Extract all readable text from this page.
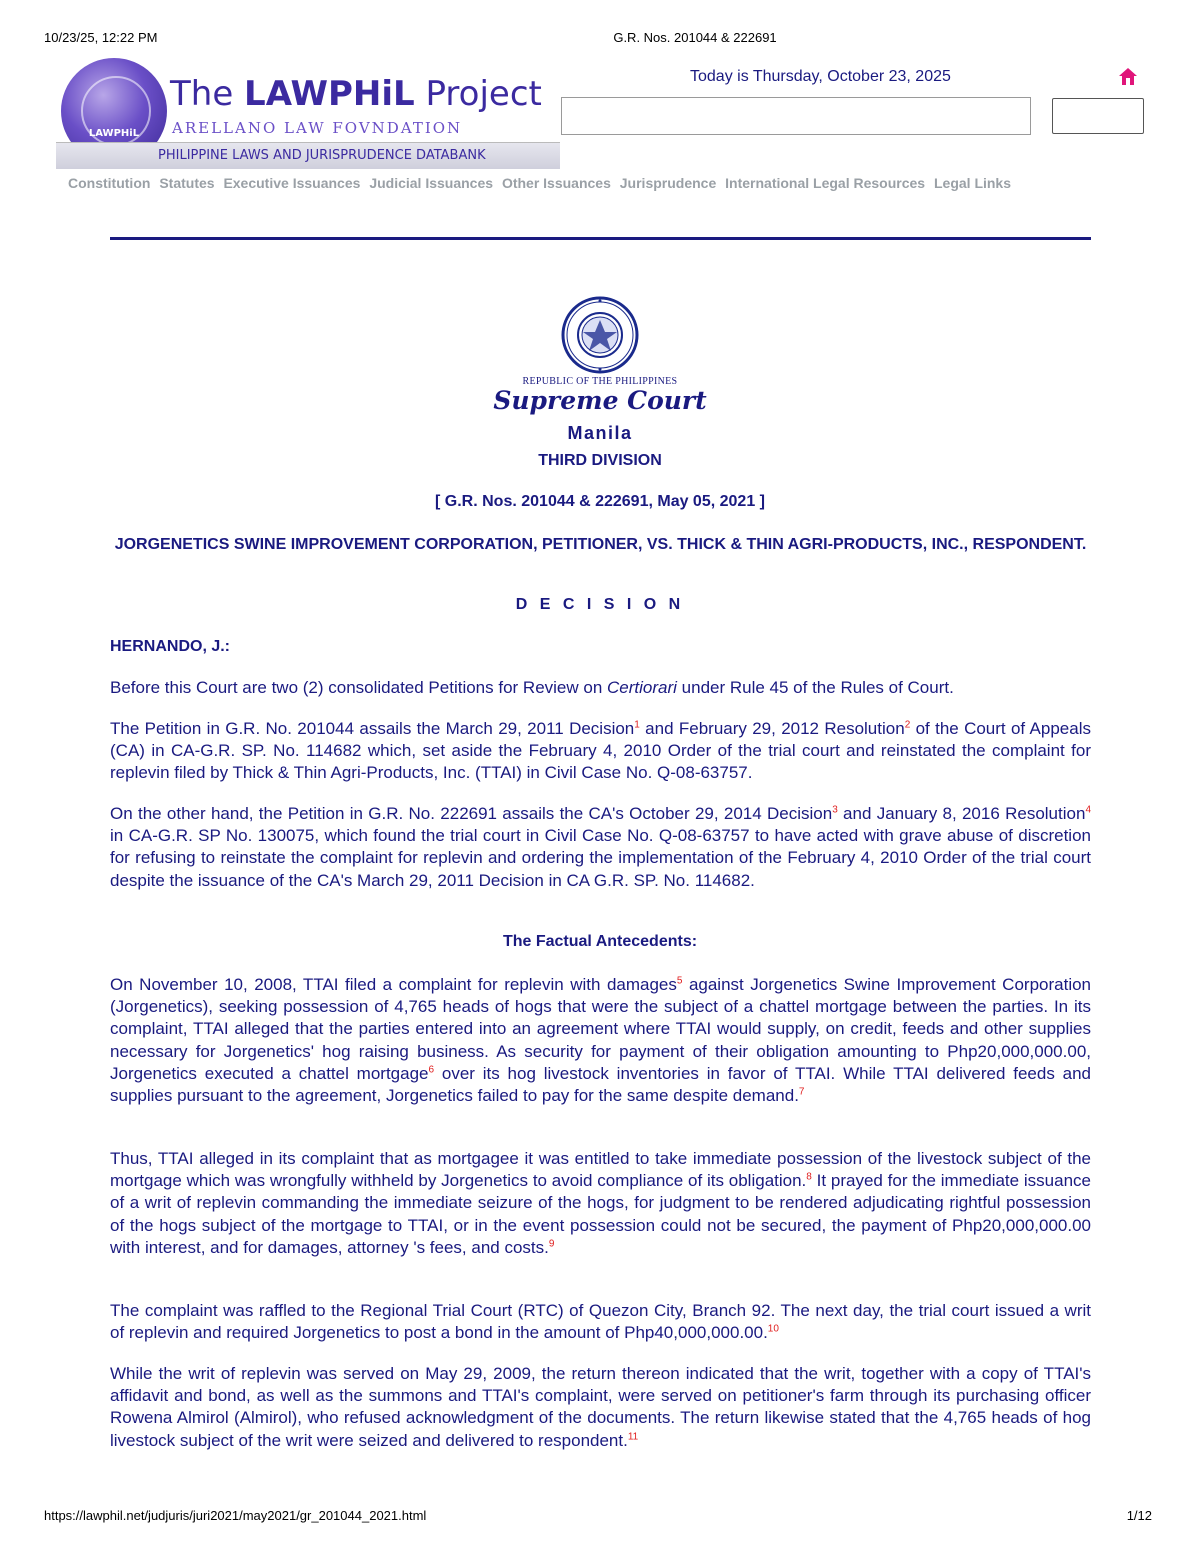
10/23/25, 12:22 PM	G.R. Nos. 201044 & 222691
LAWPHiL
The LAWPHiL Project
ARELLANO LAW FOVNDATION
PHILIPPINE LAWS AND JURISPRUDENCE DATABANK
Today is Thursday, October 23, 2025
Constitution Statutes Executive Issuances Judicial Issuances Other Issuances Jurisprudence International Legal Resources Legal Links
REPUBLIC OF THE PHILIPPINES
Supreme Court
Manila
THIRD DIVISION
[ G.R. Nos. 201044 & 222691, May 05, 2021 ]
JORGENETICS SWINE IMPROVEMENT CORPORATION, PETITIONER, VS. THICK & THIN AGRI-PRODUCTS, INC., RESPONDENT.
D E C I S I O N
HERNANDO, J.:

Before this Court are two (2) consolidated Petitions for Review on Certiorari under Rule 45 of the Rules of Court.

The Petition in G.R. No. 201044 assails the March 29, 2011 Decision$^1$ and February 29, 2012 Resolution$^2$ of the Court of Appeals (CA) in CA-G.R. SP. No. 114682 which, set aside the February 4, 2010 Order of the trial court and reinstated the complaint for replevin filed by Thick & Thin Agri-Products, Inc. (TTAI) in Civil Case No. Q-08-63757.

On the other hand, the Petition in G.R. No. 222691 assails the CA's October 29, 2014 Decision$^3$ and January 8, 2016 Resolution$^4$ in CA-G.R. SP No. 130075, which found the trial court in Civil Case No. Q-08-63757 to have acted with grave abuse of discretion for refusing to reinstate the complaint for replevin and ordering the implementation of the February 4, 2010 Order of the trial court despite the issuance of the CA's March 29, 2011 Decision in CA G.R. SP. No. 114682.

The Factual Antecedents:

On November 10, 2008, TTAI filed a complaint for replevin with damages$^5$ against Jorgenetics Swine Improvement Corporation (Jorgenetics), seeking possession of 4,765 heads of hogs that were the subject of a chattel mortgage between the parties. In its complaint, TTAI alleged that the parties entered into an agreement where TTAI would supply, on credit, feeds and other supplies necessary for Jorgenetics' hog raising business. As security for payment of their obligation amounting to Php20,000,000.00, Jorgenetics executed a chattel mortgage$^6$ over its hog livestock inventories in favor of TTAI. While TTAI delivered feeds and supplies pursuant to the agreement, Jorgenetics failed to pay for the same despite demand.$^7$

Thus, TTAI alleged in its complaint that as mortgagee it was entitled to take immediate possession of the livestock subject of the mortgage which was wrongfully withheld by Jorgenetics to avoid compliance of its obligation.$^8$ It prayed for the immediate issuance of a writ of replevin commanding the immediate seizure of the hogs, for judgment to be rendered adjudicating rightful possession of the hogs subject of the mortgage to TTAI, or in the event possession could not be secured, the payment of Php20,000,000.00 with interest, and for damages, attorney 's fees, and costs.$^9$

The complaint was raffled to the Regional Trial Court (RTC) of Quezon City, Branch 92. The next day, the trial court issued a writ of replevin and required Jorgenetics to post a bond in the amount of Php40,000,000.00.10

While the writ of replevin was served on May 29, 2009, the return thereon indicated that the writ, together with a copy of TTAI's affidavit and bond, as well as the summons and TTAI's complaint, were served on petitioner's farm through its purchasing officer Rowena Almirol (Almirol), who refused acknowledgment of the documents. The return likewise stated that the 4,765 heads of hog livestock subject of the writ were seized and delivered to respondent.$^{11}$

https://lawphil.net/judjuris/juri2021/may2021/gr_201044_2021.html	1/12
